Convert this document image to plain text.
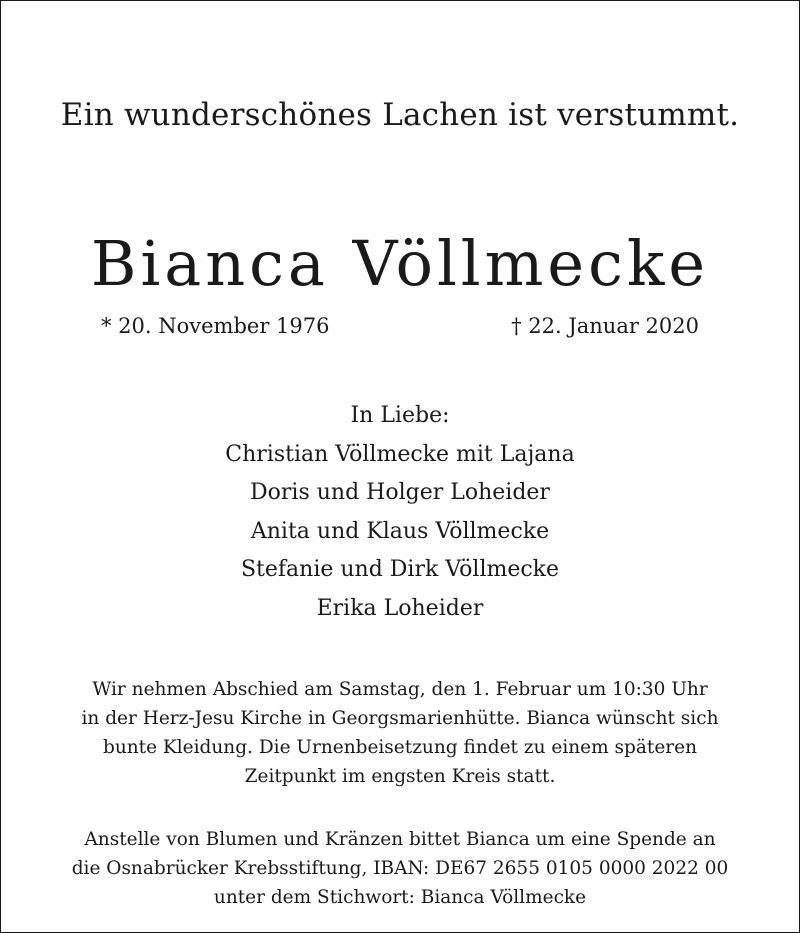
Ein wunderschönes Lachen ist verstummt.
Bianca Völlmecke
* 20. November 1976	† 22. Januar 2020
In Liebe:
Christian Völlmecke mit Lajana
Doris und Holger Loheider
Anita und Klaus Völlmecke
Stefanie und Dirk Völlmecke
Erika Loheider
Wir nehmen Abschied am Samstag, den 1. Februar um 10:30 Uhr
in der Herz-Jesu Kirche in Georgsmarienhütte. Bianca wünscht sich
bunte Kleidung. Die Urnenbeisetzung findet zu einem späteren
Zeitpunkt im engsten Kreis statt.
Anstelle von Blumen und Kränzen bittet Bianca um eine Spende an
die Osnabrücker Krebsstiftung, IBAN: DE67 2655 0105 0000 2022 00
unter dem Stichwort: Bianca Völlmecke
